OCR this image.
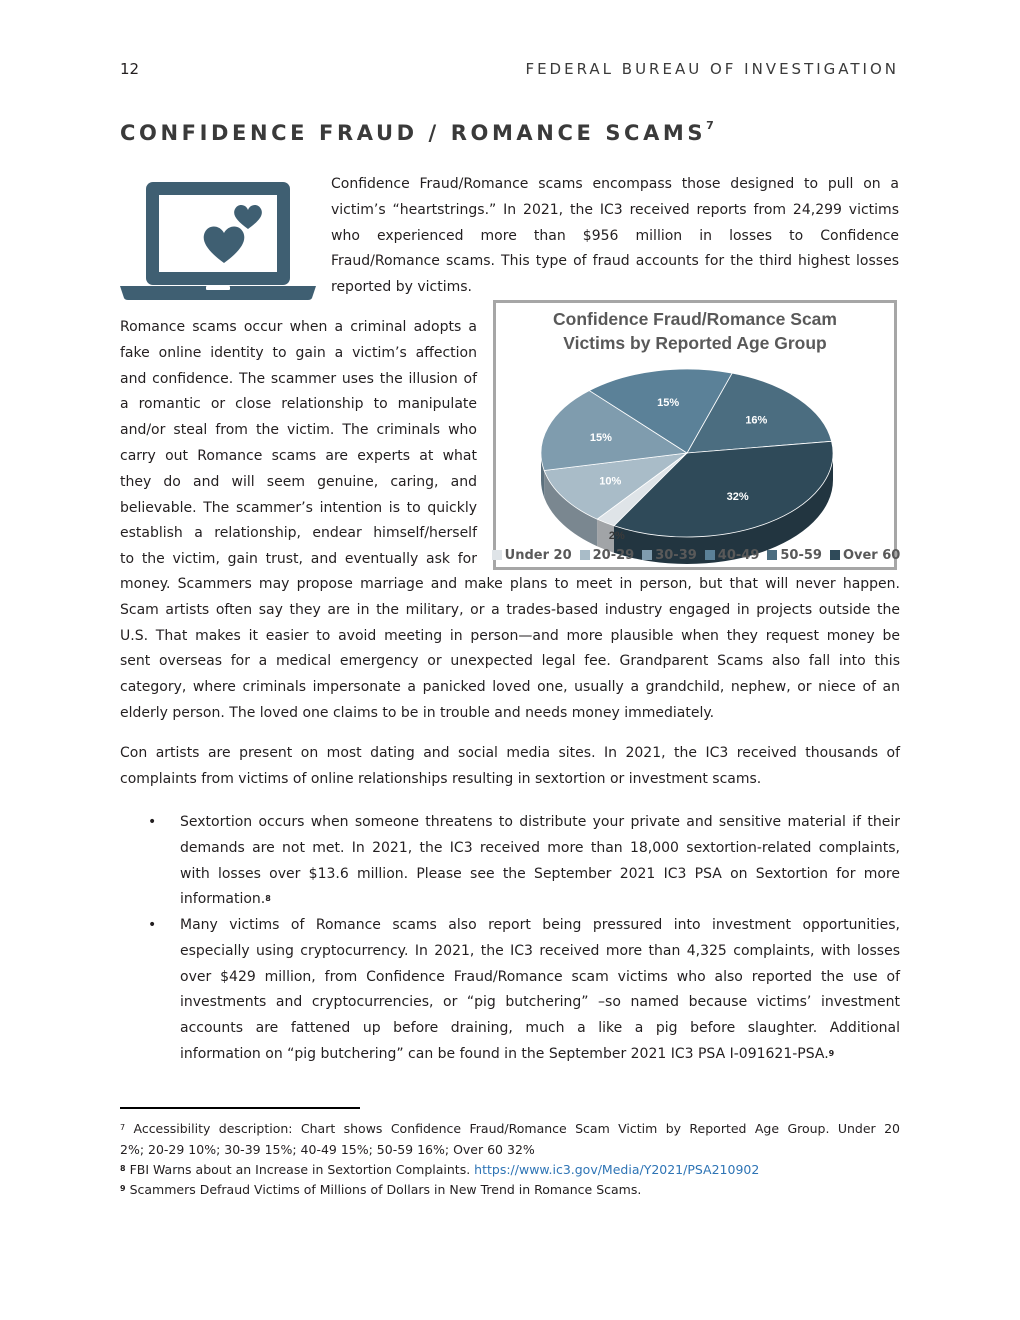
12	FEDERAL BUREAU OF INVESTIGATION
CONFIDENCE FRAUD / ROMANCE SCAMS$^7$
Confidence Fraud/Romance scams encompass those designed to pull on a
victim’s “heartstrings.” In 2021, the IC3 received reports from 24,299 victims
who experienced more than $956 million in losses to Confidence
Fraud/Romance scams. This type of fraud accounts for the third highest losses
reported by victims.
Romance scams occur when a criminal adopts a
fake online identity to gain a victim’s affection
and confidence. The scammer uses the illusion of
a romantic or close relationship to manipulate
and/or steal from the victim. The criminals who
carry out Romance scams are experts at what
they do and will seem genuine, caring, and
believable. The scammer’s intention is to quickly
establish a relationship, endear himself/herself
to the victim, gain trust, and eventually ask for
16%
32%
2%
10%
15%
15%
Confidence Fraud/Romance Scam
Victims by Reported Age Group
Under 20 20-29 30-39 40-49 50-59 Over 60
money. Scammers may propose marriage and make plans to meet in person, but that will never happen.
Scam artists often say they are in the military, or a trades-based industry engaged in projects outside the
U.S. That makes it easier to avoid meeting in person—and more plausible when they request money be
sent overseas for a medical emergency or unexpected legal fee. Grandparent Scams also fall into this
category, where criminals impersonate a panicked loved one, usually a grandchild, nephew, or niece of an
elderly person. The loved one claims to be in trouble and needs money immediately.
Con artists are present on most dating and social media sites. In 2021, the IC3 received thousands of
complaints from victims of online relationships resulting in sextortion or investment scams.
• Sextortion occurs when someone threatens to distribute your private and sensitive material if their
demands are not met. In 2021, the IC3 received more than 18,000 sextortion-related complaints,
with losses over $13.6 million. Please see the September 2021 IC3 PSA on Sextortion for more
information.$^8$
• Many victims of Romance scams also report being pressured into investment opportunities,
especially using cryptocurrency. In 2021, the IC3 received more than 4,325 complaints, with losses
over $429 million, from Confidence Fraud/Romance scam victims who also reported the use of
investments and cryptocurrencies, or “pig butchering” –so named because victims’ investment
accounts are fattened up before draining, much a like a pig before slaughter. Additional
information on “pig butchering” can be found in the September 2021 IC3 PSA I-091621-PSA.$^9$
$^7$ Accessibility description: Chart shows Confidence Fraud/Romance Scam Victim by Reported Age Group. Under 20
2%; 20-29 10%; 30-39 15%; 40-49 15%; 50-59 16%; Over 60 32%
$^8$ FBI Warns about an Increase in Sextortion Complaints. https://www.ic3.gov/Media/Y2021/PSA210902
$^9$ Scammers Defraud Victims of Millions of Dollars in New Trend in Romance Scams.
